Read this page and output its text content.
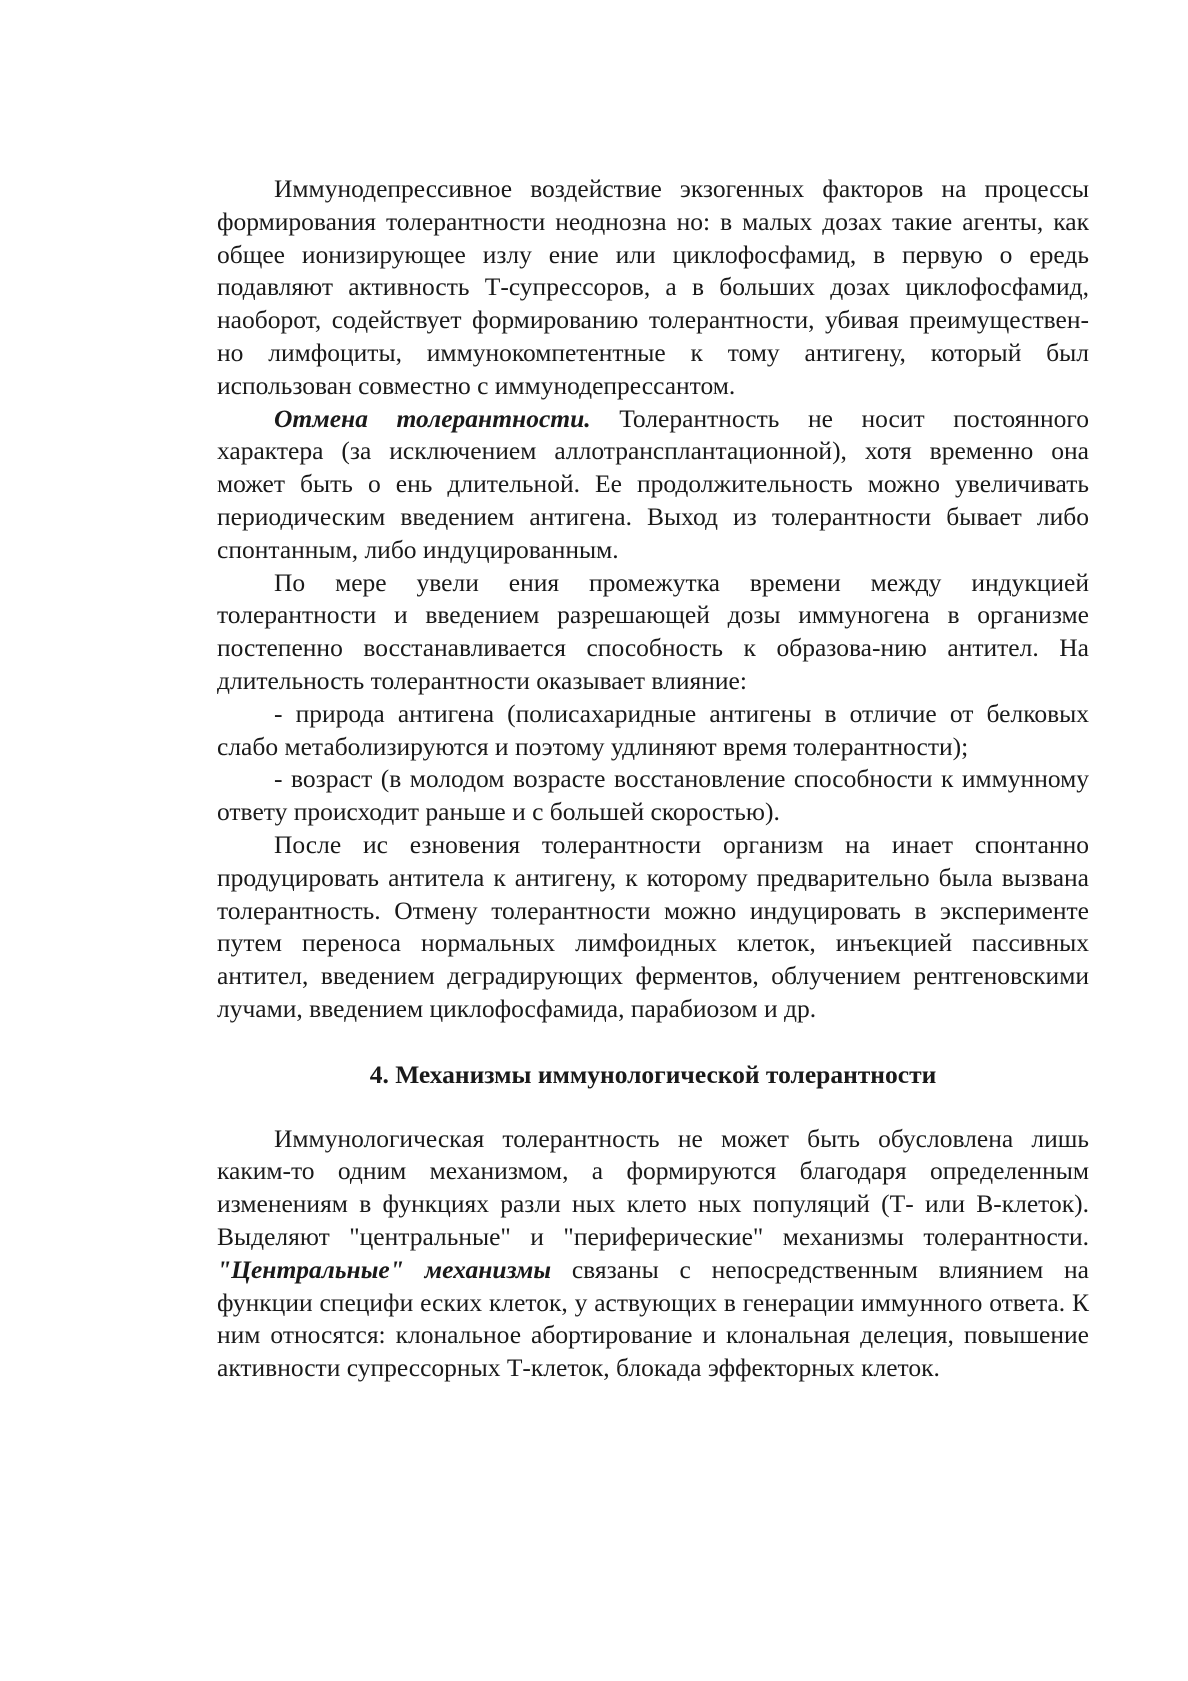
Иммунодепрессивное воздействие экзогенных факторов на процессы формирования толерантности неоднозна но: в малых дозах такие агенты, как общее ионизирующее излу ение или циклофосфамид, в первую о ередь подавляют активность Т-супрессоров, а в больших дозах циклофосфамид, наоборот, содействует формированию толерантности, убивая преимуществен-но лимфоциты, иммунокомпетентные к тому антигену, который был использован совместно с иммунодепрессантом.

Отмена толерантности. Толерантность не носит постоянного характера (за исключением аллотрансплантационной), хотя временно она может быть о ень длительной. Ее продолжительность можно увеличивать периодическим введением антигена. Выход из толерантности бывает либо спонтанным, либо индуцированным.

По мере увели ения промежутка времени между индукцией толерантности и введением разрешающей дозы иммуногена в организме постепенно восстанавливается способность к образова-нию антител. На длительность толерантности оказывает влияние:

- природа антигена (полисахаридные антигены в отличие от белковых слабо метаболизируются и поэтому удлиняют время толерантности);

- возраст (в молодом возрасте восстановление способности к иммунному ответу происходит раньше и с большей скоростью).

После ис езновения толерантности организм на инает спонтанно продуцировать антитела к антигену, к которому предварительно была вызвана толерантность. Отмену толерантности можно индуцировать в эксперименте путем переноса нормальных лимфоидных клеток, инъекцией пассивных антител, введением деградирующих ферментов, облучением рентгеновскими лучами, введением циклофосфамида, парабиозом и др.

4. Механизмы иммунологической толерантности

Иммунологическая толерантность не может быть обусловлена лишь каким-то одним механизмом, а формируются благодаря определенным изменениям в функциях разли ных клето ных популяций (Т- или В-клеток). Выделяют "центральные" и "периферические" механизмы толерантности. "Центральные" механизмы связаны с непосредственным влиянием на функции специфи еских клеток, у аствующих в генерации иммунного ответа. К ним относятся: клональное абортирование и клональная делеция, повышение активности супрессорных Т-клеток, блокада эффекторных клеток.
